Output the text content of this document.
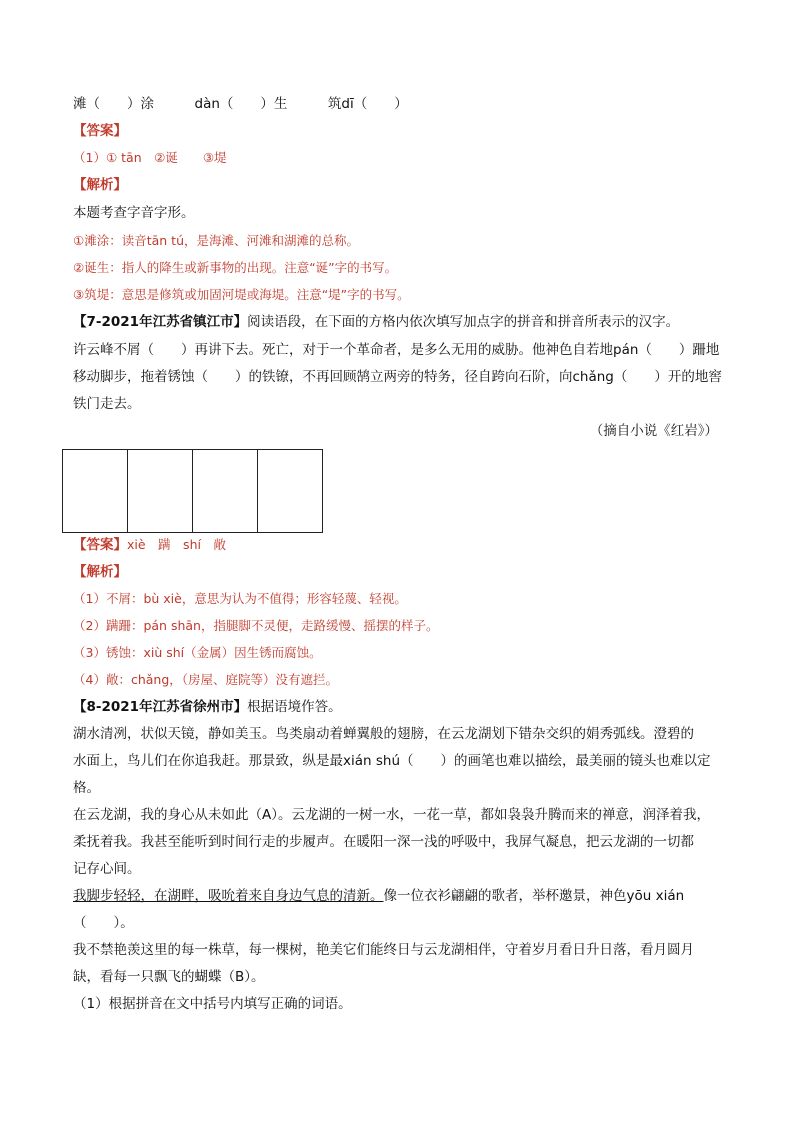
滩（　　）涂　　　dàn（　　）生　　　筑dī（　　）
【答案】
（1）① tān　②诞　　③堤
【解析】
本题考查字音字形。
①滩涂：读音tān tú，是海滩、河滩和湖滩的总称。
②诞生：指人的降生或新事物的出现。注意“诞”字的书写。
③筑堤：意思是修筑或加固河堤或海堤。注意“堤”字的书写。
【7-2021年江苏省镇江市】阅读语段，在下面的方格内依次填写加点字的拼音和拼音所表示的汉字。
许云峰不屑（　　）再讲下去。死亡，对于一个革命者，是多么无用的威胁。他神色自若地pán（　　）跚地
移动脚步，拖着锈蚀（　　）的铁镣，不再回顾鹄立两旁的特务，径自跨向石阶，向chǎng（　　）开的地窖
铁门走去。
（摘自小说《红岩》）
【答案】xiè　蹒　shí　敞
【解析】
（1）不屑：bù xiè，意思为认为不值得；形容轻蔑、轻视。
（2）蹒跚：pán shān，指腿脚不灵便，走路缓慢、摇摆的样子。
（3）锈蚀：xiù shí（金属）因生锈而腐蚀。
（4）敞：chǎng，（房屋、庭院等）没有遮拦。
【8-2021年江苏省徐州市】根据语境作答。
湖水清冽，状似天镜，静如美玉。鸟类扇动着蝉翼般的翅膀，在云龙湖划下错杂交织的娟秀弧线。澄碧的
水面上，鸟儿们在你追我赶。那景致，纵是最xián shú（　　）的画笔也难以描绘，最美丽的镜头也难以定
格。
在云龙湖，我的身心从未如此（A）。云龙湖的一树一水，一花一草，都如袅袅升腾而来的禅意，润泽着我，
柔抚着我。我甚至能听到时间行走的步履声。在暖阳一深一浅的呼吸中，我屏气凝息，把云龙湖的一切都
记存心间。
我脚步轻轻，在湖畔，吸吮着来自身边气息的清新。像一位衣衫翩翩的歌者，举杯邀景，神色yōu xián
（　　）。
我不禁艳羡这里的每一株草，每一棵树，艳美它们能终日与云龙湖相伴，守着岁月看日升日落，看月圆月
缺，看每一只飘飞的蝴蝶（B）。
（1）根据拼音在文中括号内填写正确的词语。
